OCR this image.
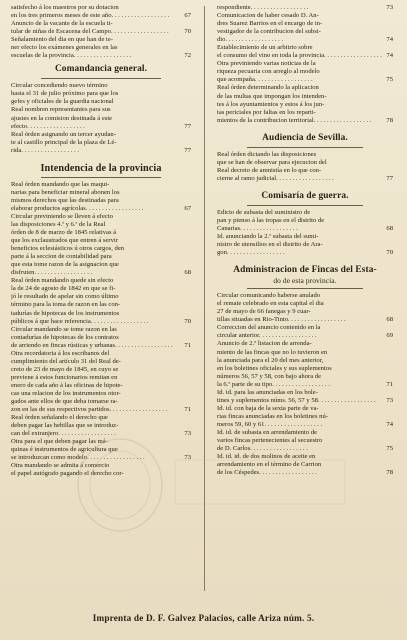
satisfecho á los maestros por su dotacion
en los tres primeros meses de este año. . . . . . . . . . . . . . . . . . 67
Anuncio de la vacante de la escuela ti-
tular de niñas de Escacena del Campo. . . . . . . . . . . . . . . . . . 70
Señalamiento del dia en que han de te-
ner efecto los exámenes generales en las
escuelas de la provincia. . . . . . . . . . . . . . . . . .	72
Comandancia general.
Circular concediendo nuevo término
hasta el 31 de julio próximo para que los
gefes y oficiales de la guardia nacional
Real nombren representantes para sus
ajustes en la comision destinada á este
efecto. . . . . . . . . . . . . . . . . .	77
Real órden asignando un tercer ayudan-
te al castillo principal de la plaza de Lé-
rida. . . . . . . . . . . . . . . . . .	77
Intendencia de la provincia
Real órden mandando que las maqui-
narias para beneficiar mineral abonen los
mismos derechos que las destinadas para
elaborar productos agrícolas. . . . . . . . . . . . . . . . . .	67
Circular previniendo se lleven á efecto
las disposiciones 4.ª y 6.ª de la Real
órden de 8 de marzo de 1845 relativas á
que los exclaustrados que entren á servir
beneficios eclesiásticos ú otros cargos, den
parte á la seccion de contabilidad para
que esta tome razon de la asignacion que
disfruten. . . . . . . . . . . . . . . . . .	68
Real órden mandando quede sin efecto
la de 24 de agosto de 1842 en que se fi-
jó le resultado de apelar sin como último
término para la toma de razon en las con-
tadurías de hipotecas de los instrumentos
públicos á que hace referencia. . . . . . . . . . . . . . . . . .	70
Circular mandando se tome razon en las
contadurías de hipotecas de los contratos
de arriendo en fincas rústicas y urbanas. . . . . . . . . . . . . . . . . . 71
Otra recordatoria á los escribanos del
cumplimiento del artículo 31 del Real de-
creto de 23 de mayo de 1845, en cuyo se
previene á estos funcionarios remitan en
enero de cada año á las oficinas de hipote-
cas una relacion de los instrumentos otor-
gados ante ellos de que deba tomarse ra-
zon en las de sus respectivos partidos. . . . . . . . . . . . . . . . . .	71
Real órden señalando el derecho que
deben pagar las hebillas que se introduz-
can del extranjero. . . . . . . . . . . . . . . . . .	73
Otra para el que deben pagar las má-
quinas é instrumentos de agricultura que
se introduzcan como modelo. . . . . . . . . . . . . . . . . .	73
Otra mandando se admita á comercio
el papel autógrafo pagando el derecho cor-
respondiente. . . . . . . . . . . . . . . . . .	73
Comunicacion de haber cesado D. An-
dres Suarez Barrios en el encargo de in-
vestigador de la contribucion del subsi-
dio. . . . . . . . . . . . . . . . . .	74
Establecimiento de un arbitrio sobre
el consumo del vino en toda la provincia. . . . . . . . . . . . . . . . . . 74
Otra previniendo varias noticias de la
riqueza pecuaria con arreglo al modelo
que acompaña. . . . . . . . . . . . . . . . . .	75
Real órden determinando la aplicacion
de las multas que impongan los intenden-
tes á los ayuntamientos y estos á los jun-
tas periciales por faltas en los reparti-
mientos de la contribucion territorial. . . . . . . . . . . . . . . . . . 78
Audiencia de Sevilla.
Real órden dictando las disposiciones
que se han de observar para ejecucion del
Real decreto de amnistía en lo que con-
cierne al ramo judicial. . . . . . . . . . . . . . . . . .	77
Comisaría de guerra.
Edicto de subasta del suministro de
pan y pienso á las tropas en el distrito de
Canarias. . . . . . . . . . . . . . . . . .	68
Id. anunciando la 2.ª subasta del sumi-
nistro de utensilios en el distrito de Ara-
gon. . . . . . . . . . . . . . . . . .	70
Administracion de Fincas del Esta-
do de esta provincia.
Circular comunicando haberse anulado
el remate celebrado en esta capital el dia
27 de mayo de 66 fanegas y 9 cuar-
tillas situadas en Rio-Tinto. . . . . . . . . . . . . . . . . .	68
Correccion del anuncio contenido en la
circular anterior. . . . . . . . . . . . . . . . . .	69
Anuncio de 2.º listacion de arrenda-
miento de las fincas que no lo tuvieron en
la anunciada para el 20 del mes anterior,
en los boletines oficiales y sus suplementos
números 56, 57 y 58, con bajo ahora de
la 6.ª parte de su tipo. . . . . . . . . . . . . . . . . .	71
Id. id. para las anunciadas en los bole-
tines y suplementos núms. 56, 57 y 58. . . . . . . . . . . . . . . . . . 73
Id. id. con baja de la sexta parte de va-
rias fincas anunciadas en los boletines nú-
meros 59, 60 y 61. . . . . . . . . . . . . . . . . .	74
Id. id. de subasta en arrendamiento de
varios fincas pertenecientes al secuestro
de D. Carlos. . . . . . . . . . . . . . . . . .	75
Id. id. id. de dos molinos de aceite en
arrendamiento en el término de Carrion
de los Céspedes. . . . . . . . . . . . . . . . . .	78
Imprenta de D. F. Galvez Palacios, calle Ariza núm. 5.
